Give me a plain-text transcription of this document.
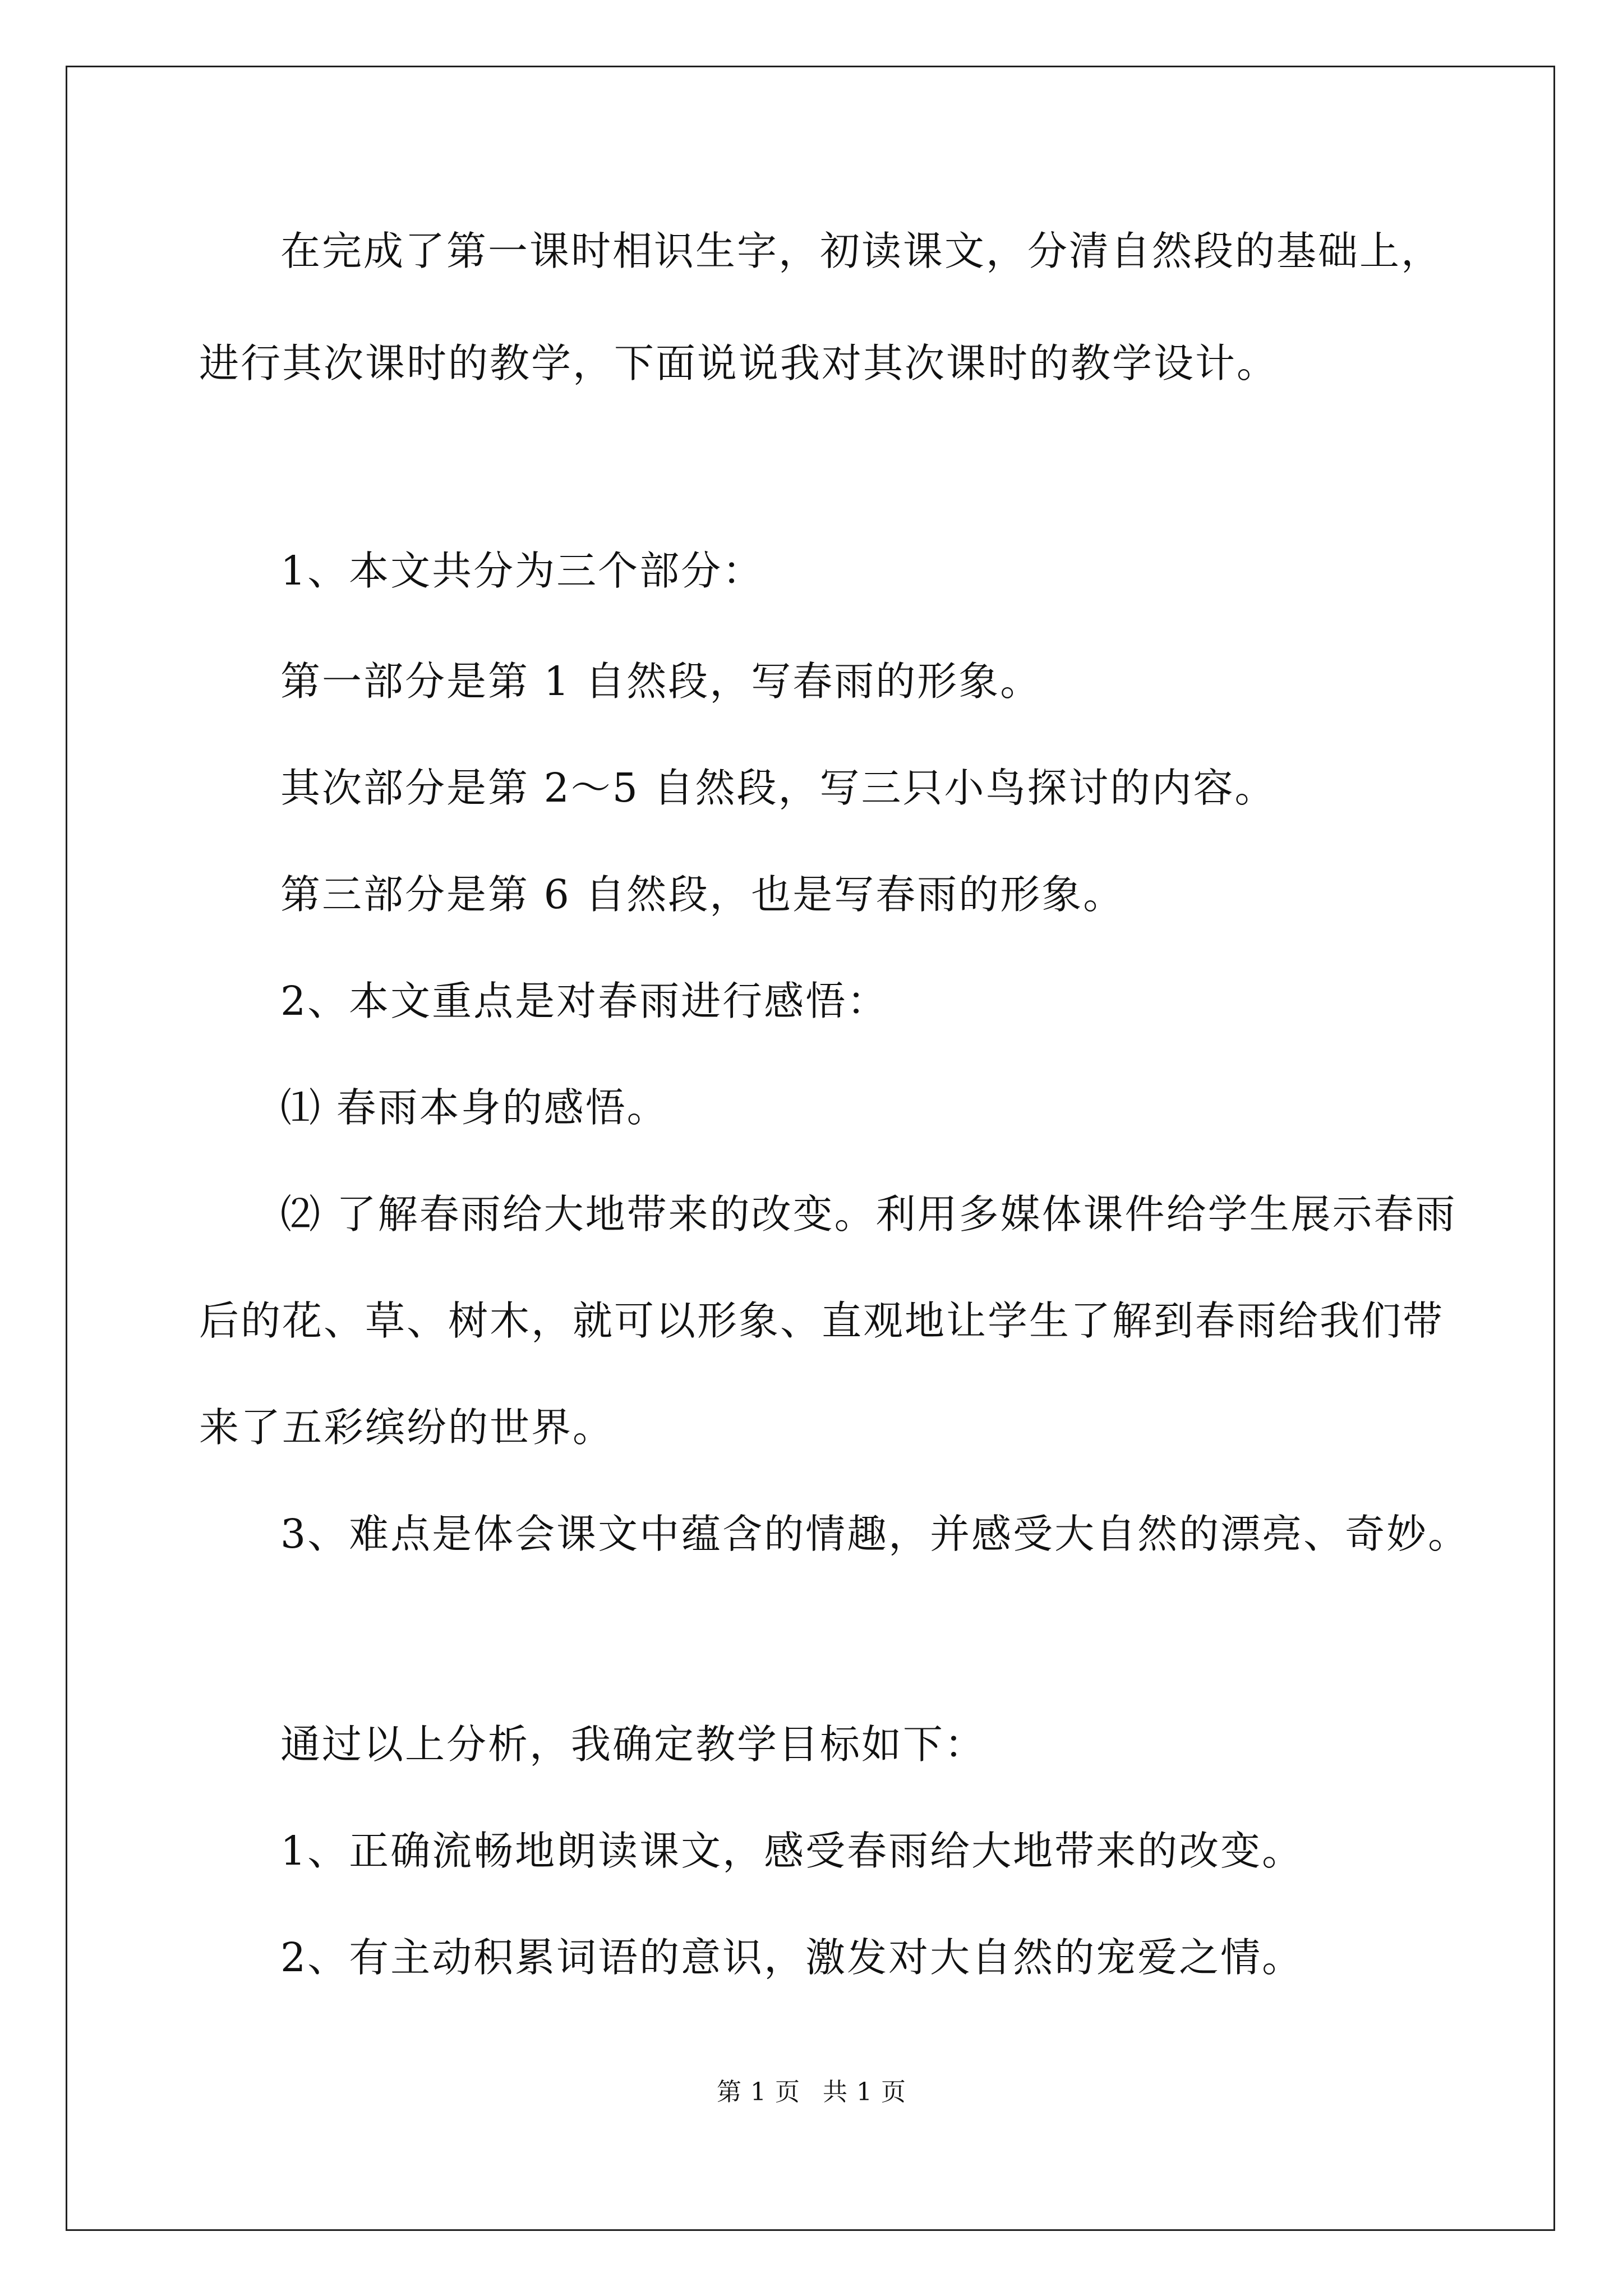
在完成了第一课时相识生字，初读课文，分清自然段的基础上，
进行其次课时的教学，下面说说我对其次课时的教学设计。
1、本文共分为三个部分：
第一部分是第 1 自然段，写春雨的形象。
其次部分是第 2～5 自然段，写三只小鸟探讨的内容。
第三部分是第 6 自然段，也是写春雨的形象。
2、本文重点是对春雨进行感悟：
⑴ 春雨本身的感悟。
⑵ 了解春雨给大地带来的改变。利用多媒体课件给学生展示春雨
后的花、草、树木，就可以形象、直观地让学生了解到春雨给我们带
来了五彩缤纷的世界。
3、难点是体会课文中蕴含的情趣，并感受大自然的漂亮、奇妙。
通过以上分析，我确定教学目标如下：
1、正确流畅地朗读课文，感受春雨给大地带来的改变。
2、有主动积累词语的意识，激发对大自然的宠爱之情。
第 1 页 共 1 页
